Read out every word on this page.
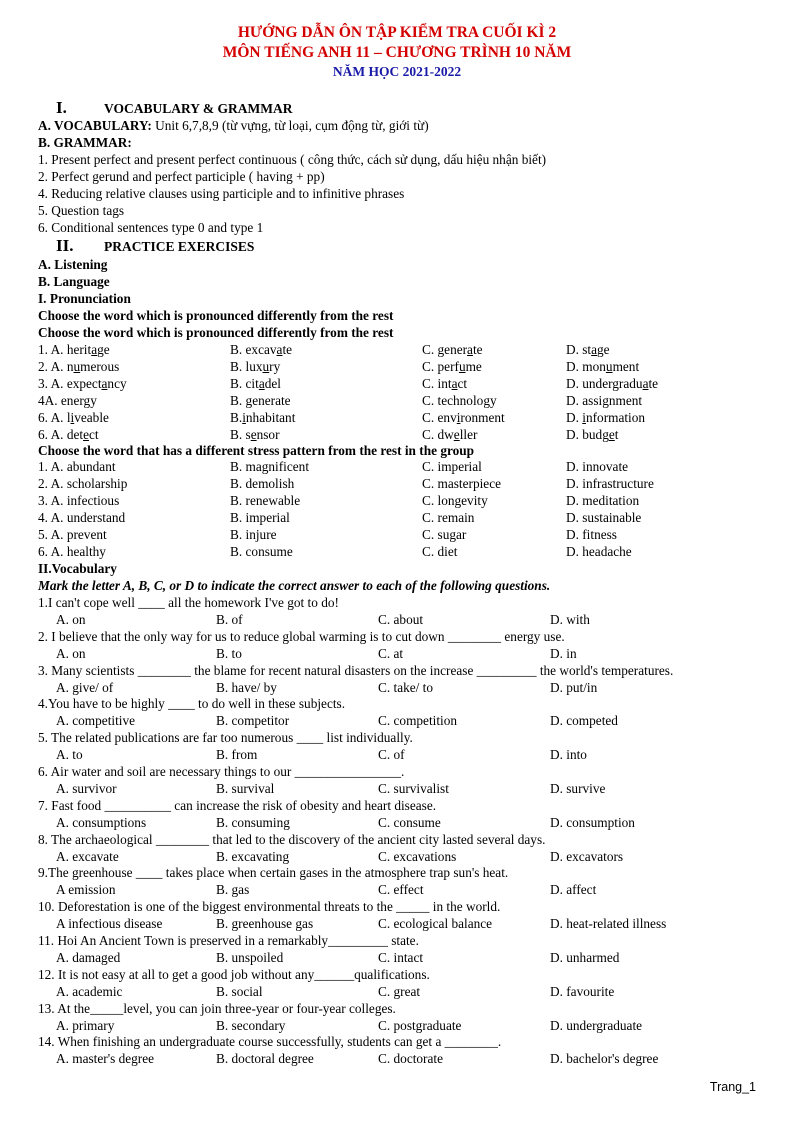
HƯỚNG DẪN ÔN TẬP KIỂM TRA CUỐI KÌ 2
MÔN TIẾNG ANH 11 – CHƯƠNG TRÌNH 10 NĂM
NĂM HỌC 2021-2022
I.	VOCABULARY & GRAMMAR
A. VOCABULARY: Unit 6,7,8,9 (từ vựng, từ loại, cụm động từ, giới từ)
B. GRAMMAR:
1. Present perfect and present perfect continuous ( công thức, cách sử dụng, dấu hiệu nhận biết)
2. Perfect gerund and perfect participle ( having + pp)
4. Reducing relative clauses using participle and to infinitive phrases
5. Question tags
6. Conditional sentences type 0 and type 1
II. PRACTICE EXERCISES
A. Listening
B. Language
I. Pronunciation
Choose the word which is pronounced differently from the rest
Choose the word which is pronounced differently from the rest
1. A. heritage	B. excavate	C. generate	D. stage
2. A. numerous	B. luxury	C. perfume	D. monument
3. A. expectancy	B. citadel	C. intact	D. undergraduate
4A. energy	B. generate	C. technology	D. assignment
6. A. liveable	B.inhabitant	C. environment	D. information
6. A. detect	B. sensor	C. dweller	D. budget
Choose the word that has a different stress pattern from the rest in the group
1. A. abundant	B. magnificent	C. imperial	D. innovate
2. A. scholarship	B. demolish	C. masterpiece	D. infrastructure
3. A. infectious	B. renewable	C. longevity	D. meditation
4. A. understand	B. imperial	C. remain	D. sustainable
5. A. prevent	B. injure	C. sugar	D. fitness
6. A. healthy	B. consume	C. diet	D. headache
II.Vocabulary
Mark the letter A, B, C, or D to indicate the correct answer to each of the following questions.
1.I can't cope well ____ all the homework I've got to do!
A. on	B. of	C. about	D. with
2. I believe that the only way for us to reduce global warming is to cut down ________ energy use.
A. on	B. to	C. at	D. in
3. Many scientists ________ the blame for recent natural disasters on the increase _________ the world's temperatures.
A. give/ of	B. have/ by	C. take/ to	D. put/in
4.You have to be highly ____ to do well in these subjects.
A. competitive	B. competitor	C. competition	D. competed
5. The related publications are far too numerous ____ list individually.
A. to	B. from	C. of	D. into
6. Air water and soil are necessary things to our ________________.
A. survivor	B. survival	C. survivalist	D. survive
7. Fast food __________ can increase the risk of obesity and heart disease.
A. consumptions	B. consuming	C. consume	D. consumption
8. The archaeological ________ that led to the discovery of the ancient city lasted several days.
A. excavate	B. excavating	C. excavations	D. excavators
9.The greenhouse ____ takes place when certain gases in the atmosphere trap sun's heat.
A emission	B. gas	C. effect	D. affect
10. Deforestation is one of the biggest environmental threats to the _____ in the world.
A infectious disease	B. greenhouse gas	C. ecological balance	D. heat-related illness
11. Hoi An Ancient Town is preserved in a remarkably_________ state.
A. damaged	B. unspoiled	C. intact	D. unharmed
12. It is not easy at all to get a good job without any______qualifications.
A. academic	B. social	C. great	D. favourite
13. At the_____level, you can join three-year or four-year colleges.
A. primary	B. secondary	C. postgraduate	D. undergraduate
14. When finishing an undergraduate course successfully, students can get a ________.
A. master's degree	B. doctoral degree	C. doctorate	D. bachelor's degree
Trang_1
